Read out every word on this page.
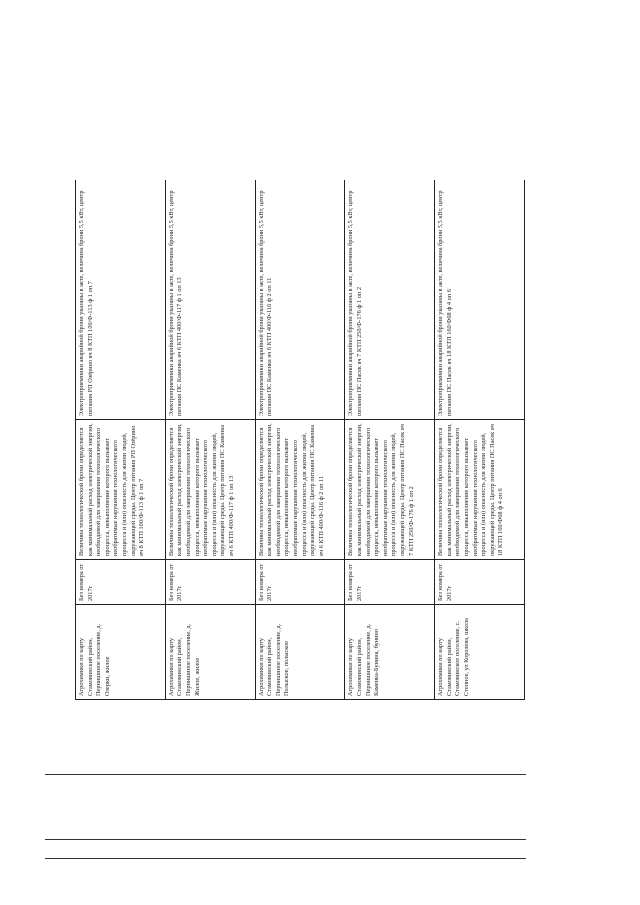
Агрохимики по карту Стамовинский район, Пернишиное поселение, д. Озерки, жилое	Без номера от 2017г	Величина технологической брони определяется как минимальный расход электрической энергии, необходимой для завершения технологического процесса, невыполнение которого вызывает необратимые нарушения технологического процесса и (или) опасность для жизни людей, окружающей среды. Центр питания РП Озёрино яч 8 КТП 100/Ф-113 ф 1 оп 7	Электроприемники аварийной брони указаны в акте, величина брони 5,5 кВт, центр питания РП Озёрино яч 8 КТП 100/Ф-113 ф 1 оп 7
Агрохимики по карту Стамовинский район, Пернишиное поселение, д. Жилое, жилое	Без номера от 2017г	Величина технологической брони определяется как минимальный расход электрической энергии, необходимой для завершения технологического процесса, невыполнение которого вызывает необратимые нарушения технологического процесса и (или) опасность для жизни людей, окружающей среды. Центр питания ПС Каменка яч 6 КТП 400/Ф-117 ф 1 оп 13	Электроприемники аварийной брони указаны в акте, величина брони 5,5 кВт, центр питания ПС Каменка яч 6 КТП 400/Ф-117 ф 1 оп 13
Агрохимики по карту Стамовинский район, Пернишиное поселение, д. Полыское, полыское	Без номера от 2017г	Величина технологической брони определяется как минимальный расход электрической энергии, необходимой для завершения технологического процесса, невыполнение которого вызывает необратимые нарушения технологического процесса и (или) опасность для жизни людей, окружающей среды. Центр питания ПС Каменка яч 6 КТП 400/Ф-116 ф 2 оп 11	Электроприемники аварийной брони указаны в акте, величина брони 5,5 кВт, центр питания ПС Каменка яч 6 КТП 400/Ф-116 ф 2 оп 11
Агрохимики по карту Стамовинский район, Пернишиное поселение, д. Каменка-Бунина, бунино	Без номера от 2017г	Величина технологической брони определяется как минимальный расход электрической энергии, необходимой для завершения технологического процесса, невыполнение которого вызывает необратимые нарушения технологического процесса и (или) опасность для жизни людей, окружающей среды. Центр питания ПС Пасек яч 7 КТП 250/Ф-176 ф 1 оп 2	Электроприемники аварийной брони указаны в акте, величина брони 5,5 кВт, центр питания ПС Пасек яч 7 КТП 250/Ф-176 ф 1 оп 2
Агрохимики по карту Стамовинский район, Стамовинское поселение, с. Степное, ул Королева, школа	Без номера от 2017г	Величина технологической брони определяется как минимальный расход электрической энергии, необходимой для завершения технологического процесса, невыполнение которого вызывает необратимые нарушения технологического процесса и (или) опасность для жизни людей, окружающей среды. Центр питания ПС Пасек яч 18 КТП 160/Ф68 ф 4 оп 6	Электроприемники аварийной брони указаны в акте, величина брони 5,5 кВт, центр питания ПС Пасек яч 18 КТП 160/Ф68 ф 4 оп 6
